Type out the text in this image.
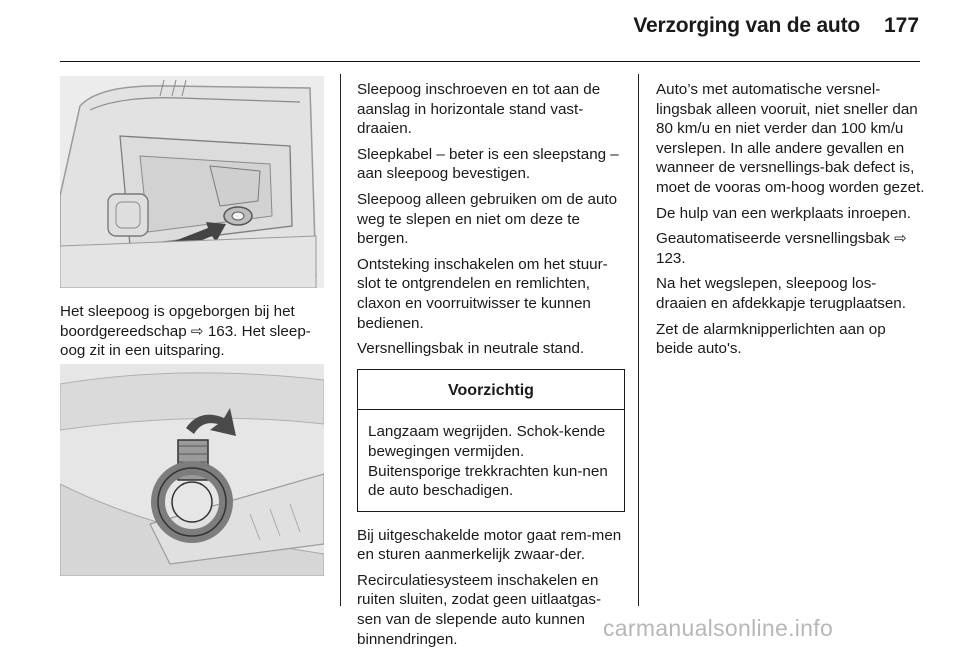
Verzorging van de auto 177

Het sleepoog is opgeborgen bij het boordgereedschap ⇨ 163. Het sleep-oog zit in een uitsparing.

Sleepoog inschroeven en tot aan de aanslag in horizontale stand vast-draaien.

Sleepkabel – beter is een sleepstang – aan sleepoog bevestigen.

Sleepoog alleen gebruiken om de auto weg te slepen en niet om deze te bergen.

Ontsteking inschakelen om het stuur-slot te ontgrendelen en remlichten, claxon en voorruitwisser te kunnen bedienen.

Versnellingsbak in neutrale stand.

Voorzichtig

Langzaam wegrijden. Schok-kende bewegingen vermijden. Buitensporige trekkrachten kun-nen de auto beschadigen.

Bij uitgeschakelde motor gaat rem-men en sturen aanmerkelijk zwaar-der.

Recirculatiesysteem inschakelen en ruiten sluiten, zodat geen uitlaatgas-sen van de slepende auto kunnen binnendringen.

Auto’s met automatische versnel-lingsbak alleen vooruit, niet sneller dan 80 km/u en niet verder dan 100 km/u verslepen. In alle andere gevallen en wanneer de versnellings-bak defect is, moet de vooras om-hoog worden gezet.

De hulp van een werkplaats inroepen.

Geautomatiseerde versnellingsbak ⇨ 123.

Na het wegslepen, sleepoog los-draaien en afdekkapje terugplaatsen.

Zet de alarmknipperlichten aan op beide auto's.

carmanualsonline.info
